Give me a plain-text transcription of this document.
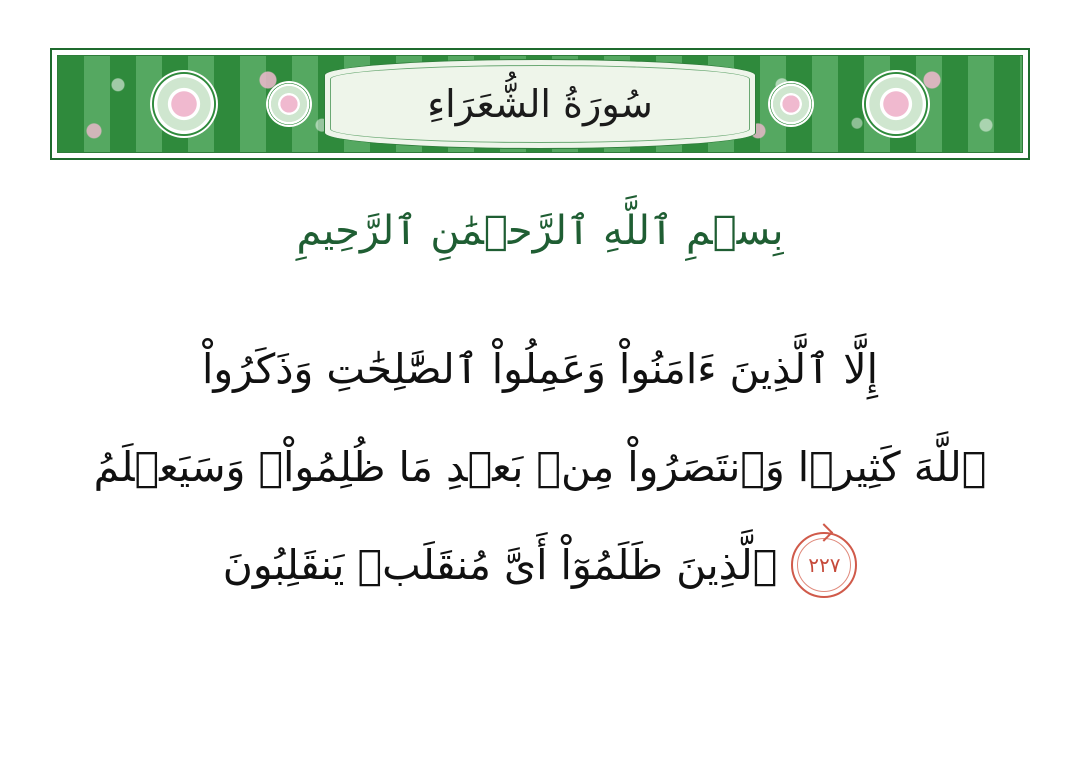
سُورَةُ الشُّعَرَاءِ
بِسۡمِ ٱللَّهِ ٱلرَّحۡمَٰنِ ٱلرَّحِيمِ
إِلَّا ٱلَّذِينَ ءَامَنُواْ وَعَمِلُواْ ٱلصَّٰلِحَٰتِ وَذَكَرُواْ
ٱللَّهَ كَثِيرࣰا وَٱنتَصَرُواْ مِنۢ بَعۡدِ مَا ظُلِمُواْۗ وَسَيَعۡلَمُ
٢٢٧
ٱلَّذِينَ ظَلَمُوٓاْ أَىَّ مُنقَلَبࣲ يَنقَلِبُونَ
